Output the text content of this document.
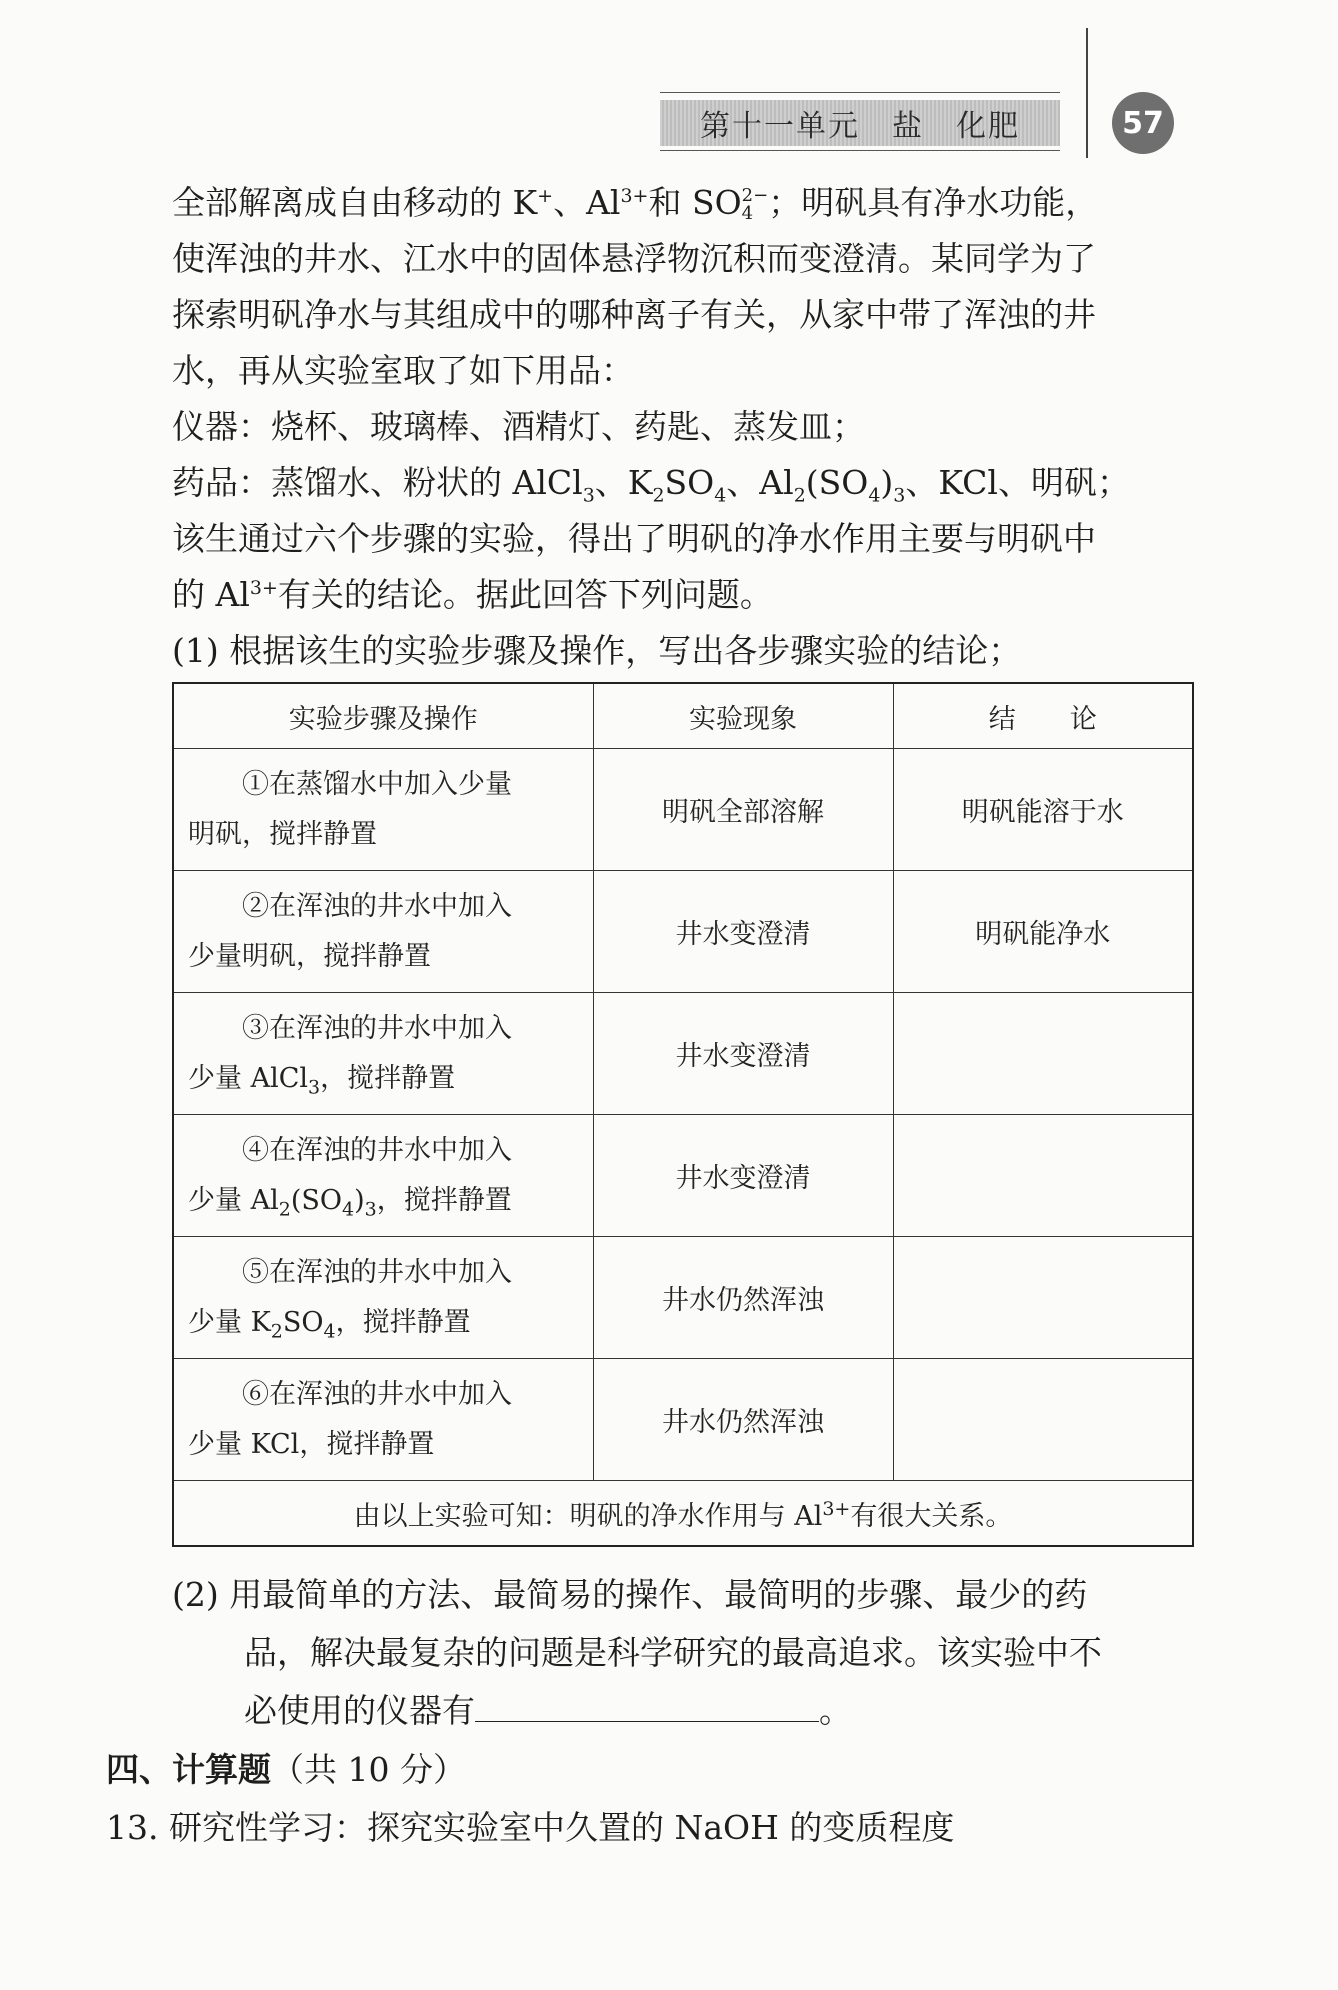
第十一单元　盐　化肥	57
全部解离成自由移动的 K+、$Al^{3+}$和 SO 2−
4 ；明矾具有净水功能，
使浑浊的井水、江水中的固体悬浮物沉积而变澄清。某同学为了
探索明矾净水与其组成中的哪种离子有关，从家中带了浑浊的井
水，再从实验室取了如下用品：
仪器：烧杯、玻璃棒、酒精灯、药匙、蒸发皿；
药品：蒸馏水、粉状的 AlCl$_3$、$K_2SO_4$、$Al_2(SO_4)_3$、KCl、明矾；
该生通过六个步骤的实验，得出了明矾的净水作用主要与明矾中
的 $Al^{3+}$有关的结论。据此回答下列问题。
(1) 根据该生的实验步骤及操作，写出各步骤实验的结论；
实验步骤及操作	实验现象	结　　论
①在蒸馏水中加入少量
明矾，搅拌静置	明矾全部溶解	明矾能溶于水
②在浑浊的井水中加入
少量明矾，搅拌静置	井水变澄清	明矾能净水
③在浑浊的井水中加入
少量 AlCl$_3$，搅拌静置	井水变澄清	
④在浑浊的井水中加入
少量 $Al_2(SO_4)_3$，搅拌静置	井水变澄清	
⑤在浑浊的井水中加入
少量 $K_2SO_4$，搅拌静置	井水仍然浑浊	
⑥在浑浊的井水中加入
少量 KCl，搅拌静置	井水仍然浑浊	
由以上实验可知：明矾的净水作用与 $Al^{3+}$有很大关系。		
(2) 用最简单的方法、最简易的操作、最简明的步骤、最少的药
品，解决最复杂的问题是科学研究的最高追求。该实验中不
必使用的仪器有	。
四、计算题（共 10 分）
13. 研究性学习：探究实验室中久置的 NaOH 的变质程度
